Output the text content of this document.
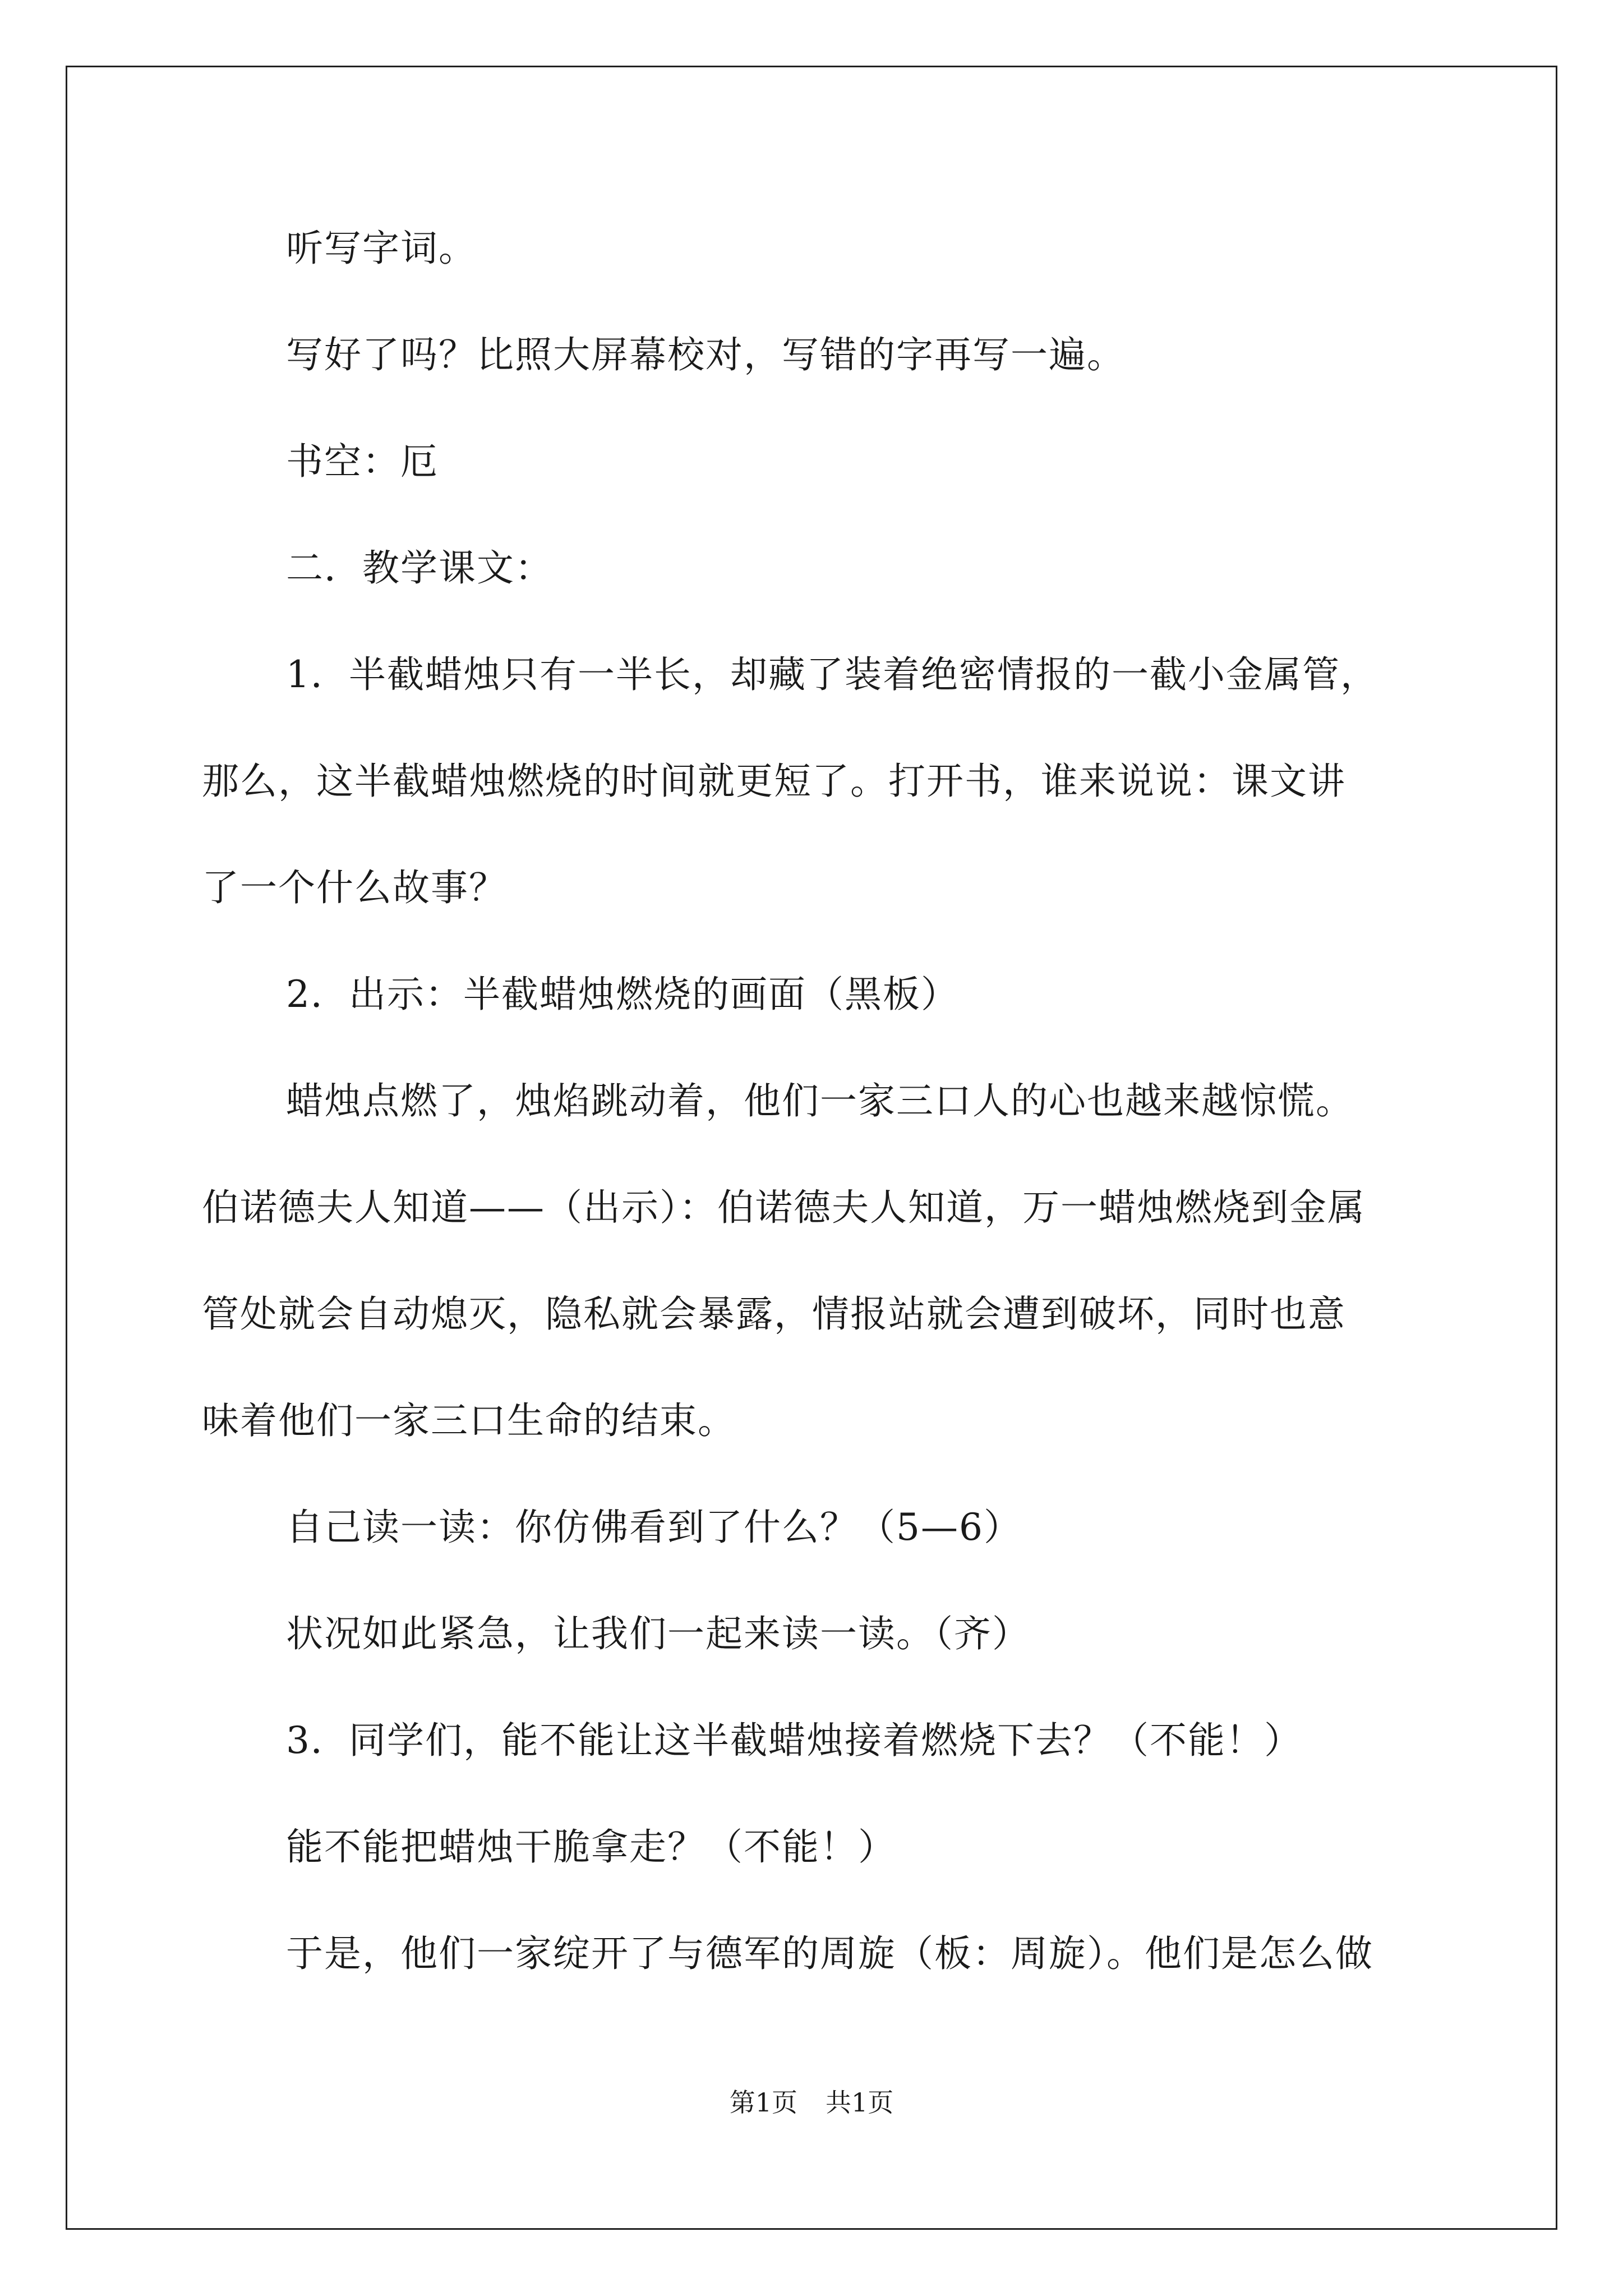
听写字词。
写好了吗？比照大屏幕校对，写错的字再写一遍。
书空：厄
二．教学课文：
1．半截蜡烛只有一半长，却藏了装着绝密情报的一截小金属管，
那么，这半截蜡烛燃烧的时间就更短了。打开书，谁来说说：课文讲
了一个什么故事？
2．出示：半截蜡烛燃烧的画面（黑板）
蜡烛点燃了，烛焰跳动着，他们一家三口人的心也越来越惊慌。
伯诺德夫人知道——（出示）：伯诺德夫人知道，万一蜡烛燃烧到金属
管处就会自动熄灭，隐私就会暴露，情报站就会遭到破坏，同时也意
味着他们一家三口生命的结束。
自己读一读：你仿佛看到了什么？（5—6）
状况如此紧急，让我们一起来读一读。（齐）
3．同学们，能不能让这半截蜡烛接着燃烧下去？（不能！）
能不能把蜡烛干脆拿走？（不能！）
于是，他们一家绽开了与德军的周旋（板：周旋）。他们是怎么做
第1页 共1页
